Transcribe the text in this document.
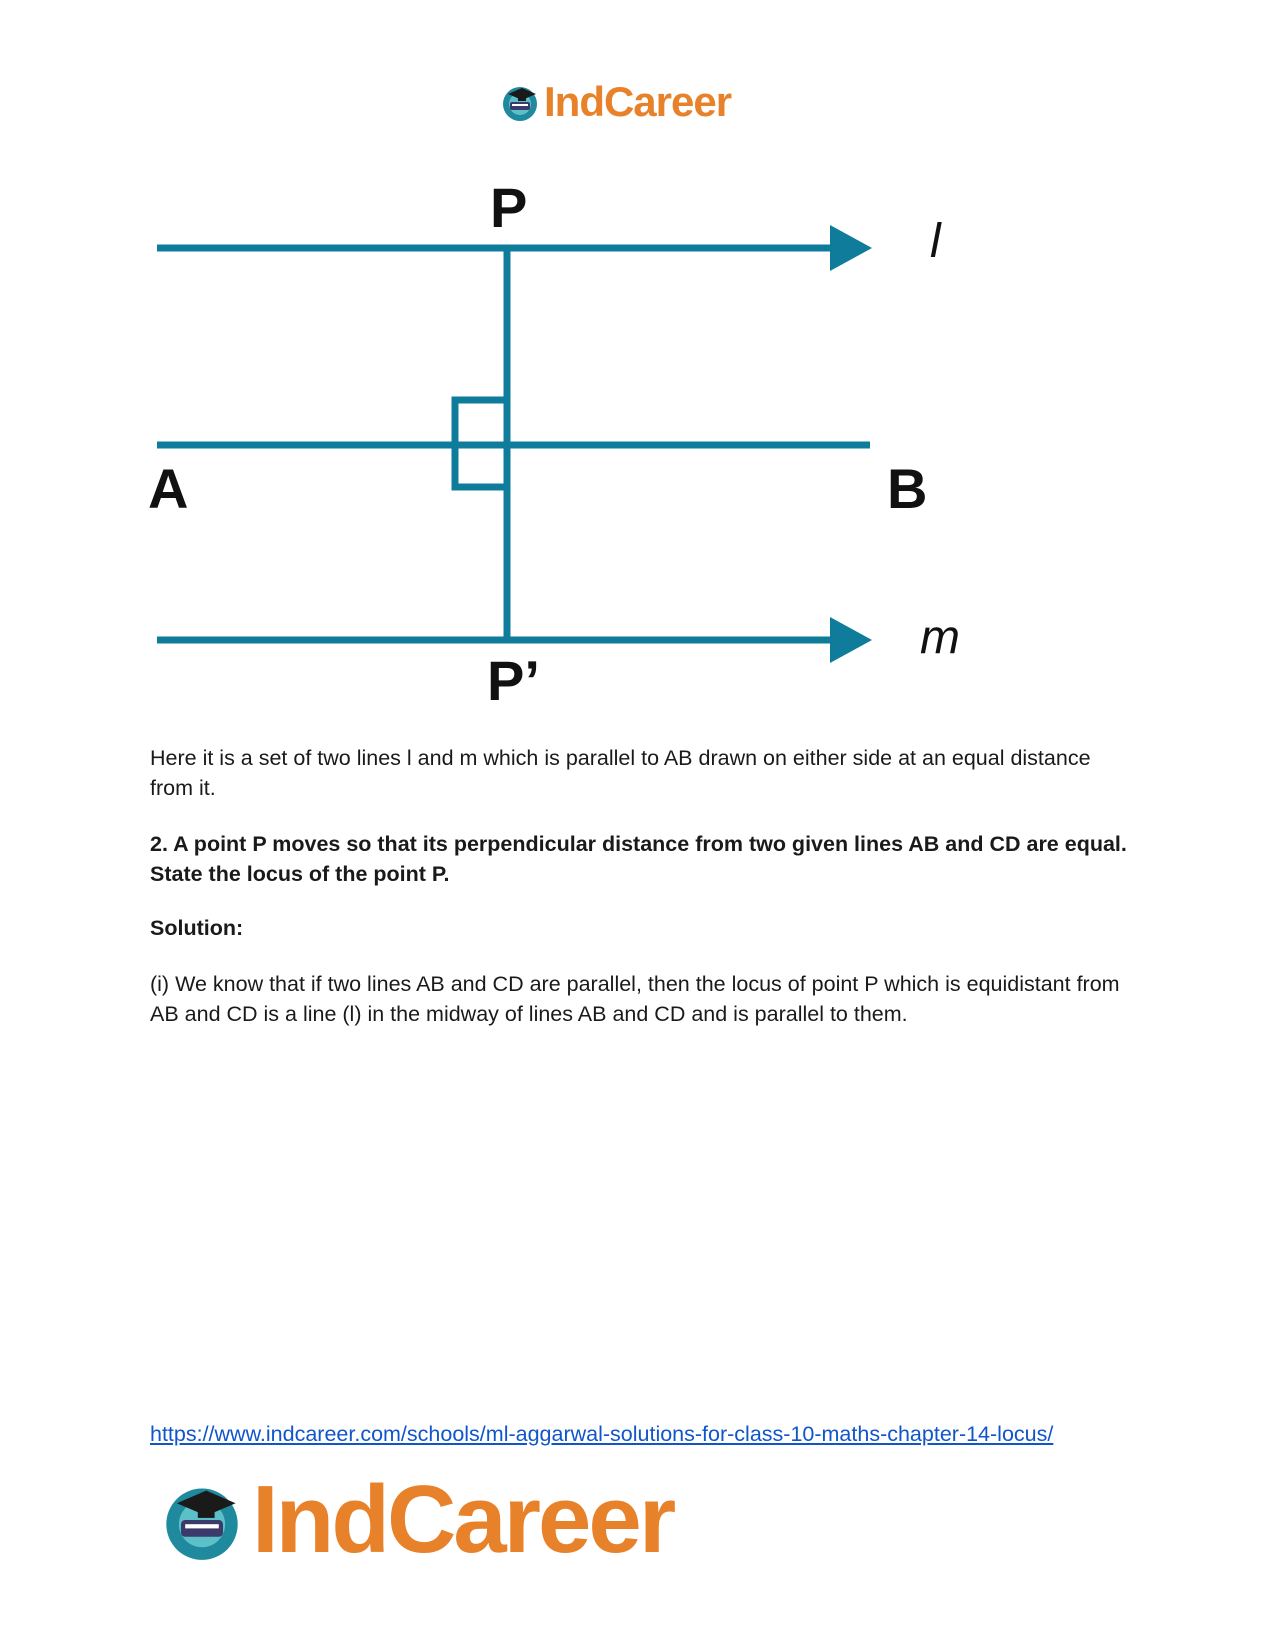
IndCareer
P
A	B
P’
l
m

Here it is a set of two lines l and m which is parallel to AB drawn on either side at an equal distance from it.

2. A point P moves so that its perpendicular distance from two given lines AB and CD are equal. State the locus of the point P.

Solution:

(i) We know that if two lines AB and CD are parallel, then the locus of point P which is equidistant from AB and CD is a line (l) in the midway of lines AB and CD and is parallel to them.

https://www.indcareer.com/schools/ml-aggarwal-solutions-for-class-10-maths-chapter-14-locus/
IndCareer
